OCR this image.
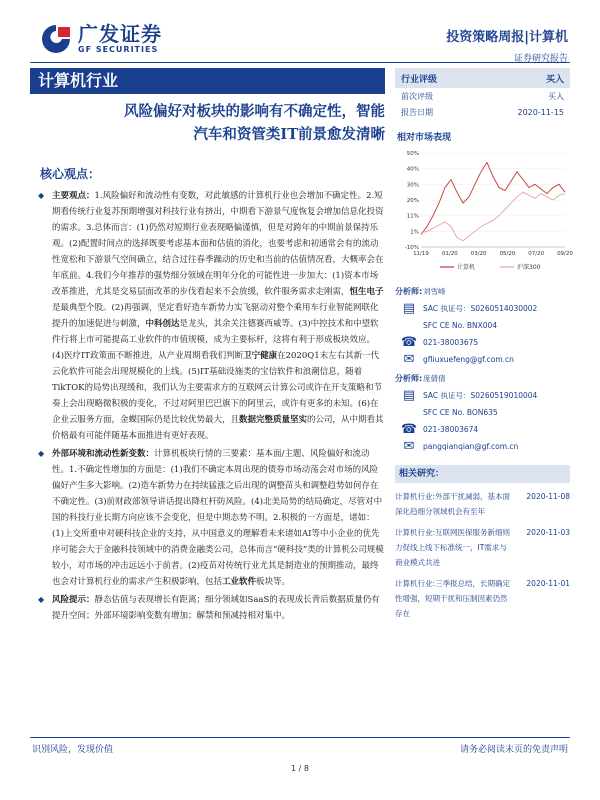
广发证券
GF SECURITIES
投资策略周报|计算机
证券研究报告
计算机行业
风险偏好对板块的影响有不确定性，智能
汽车和资管类IT前景愈发清晰
核心观点：

◆ 主要观点：1.风险偏好和流动性有变数，对此敏感的计算机行业也会增加不确定性。2.短期看传统行业复苏预期增强对科技行业有挤出，中期看下游景气度恢复会增加信息化投资的需求。3.总体而言：(1)仍然对短期行业表现略偏谨慎，但是对跨年的中期前景保持乐观。(2)配置时间点的选择既要考虑基本面和估值的消化，也要考虑和初通常会有的流动性宽松和下游景气空间确立，结合过往春季躁动的历史和当前的估值情况看，大概率会在年底前。4.我们今年推荐的强势细分领域在明年分化的可能性进一步加大：(1)资本市场改革推进，尤其是交易层面改革的步伐看起来不会放缓，软件服务需求走刚需，恒生电子是最典型个股。(2)再强调，坚定看好造车新势力实飞驱动对整个乘用车行业智能网联化提升的加速促进与刺激，中科创达是龙头，其余关注德赛西威等。(3)中控技术和中望软件行将上市可能提高工业软件的市值规模，成为主要标杆，这将有利于形成板块效应。(4)医疗IT政策面不断推进，从产业周期看我们判断卫宁健康在2020Q1末左右其新一代云化软件可能会出现规模化的上线。(5)IT基础设施类的宝信软件和浪潮信息，随着TikTOK的局势出现缓和，我们认为主要需求方的互联网云计算公司或许在开支策略和节奏上会出现略微积极的变化，不过对阿里巴巴旗下的阿里云，或许有更多的未知。(6)在企业云服务方面，金蝶国际仍是比较优势最大，且数据完整质量坚实的公司，从中期看其价格最有可能伴随基本面推进有更好表现。

◆ 外部环境和流动性新变数：计算机板块行情的三要素：基本面/主题、风险偏好和流动性。1.不确定性增加的方面是：(1)我们不确定本周出现的债券市场动荡会对市场的风险偏好产生多大影响。(2)造车新势力在持续猛涨之后出现的调整苗头和调整趋势如何存在不确定性。(3)前财政部领导讲话提出降杠杆防风险。(4)北美局势的结局确定，尽管对中国的科技行业长期方向应该不会变化，但是中期态势不明。2.积极的一方面是，诸如：(1)上交所重申对硬科技企业的支持，从中国意义的理解看未来诸如AI等中小企业的优先序可能会大于金融科技领域中的消费金融类公司，总体而言“硬科技”类的计算机公司规模较小，对市场的冲击远远小于前者。(2)疫苗对传统行业尤其是制造业的预期推动，最终也会对计算机行业的需求产生积极影响，包括工业软件板块等。

◆ 风险提示：静态估值与表现增长有距离；细分领域如SaaS的表现成长背后数据质量仍有提升空间；外部环境影响变数有增加；解禁和预减持相对集中。

行业评级	买入
前次评级	买入
报告日期	2020-11-15
相对市场表现
-10%
1%
11%
20%
30%
40%
50%
11/19 01/20 03/20 05/20 07/20 09/20
计算机	沪深300
分析师: 刘雪峰
▤	SAC 执证号：S0260514030002
SFC CE No. BNX004
☎ 021-38003675
✉	gfliuxuefeng@gf.com.cn
分析师: 庞倩倩
▤	SAC 执证号：S0260519010004
SFC CE No. BON635
☎ 021-38003674
✉	pangqianqian@gf.com.cn
相关研究：
计算机行业:外部干扰减弱，基本面深化趋细分领域机会有至年
2020-11-08
计算机行业:互联网医保服务新细则力促线上线下标准统一，IT需求与商业模式共进
2020-11-03
计算机行业:三季报总结，长期确定性增强，短期干扰和压制因素仍然存在
2020-11-01
识别风险，发现价值	请务必阅读末页的免责声明
1 / 8
